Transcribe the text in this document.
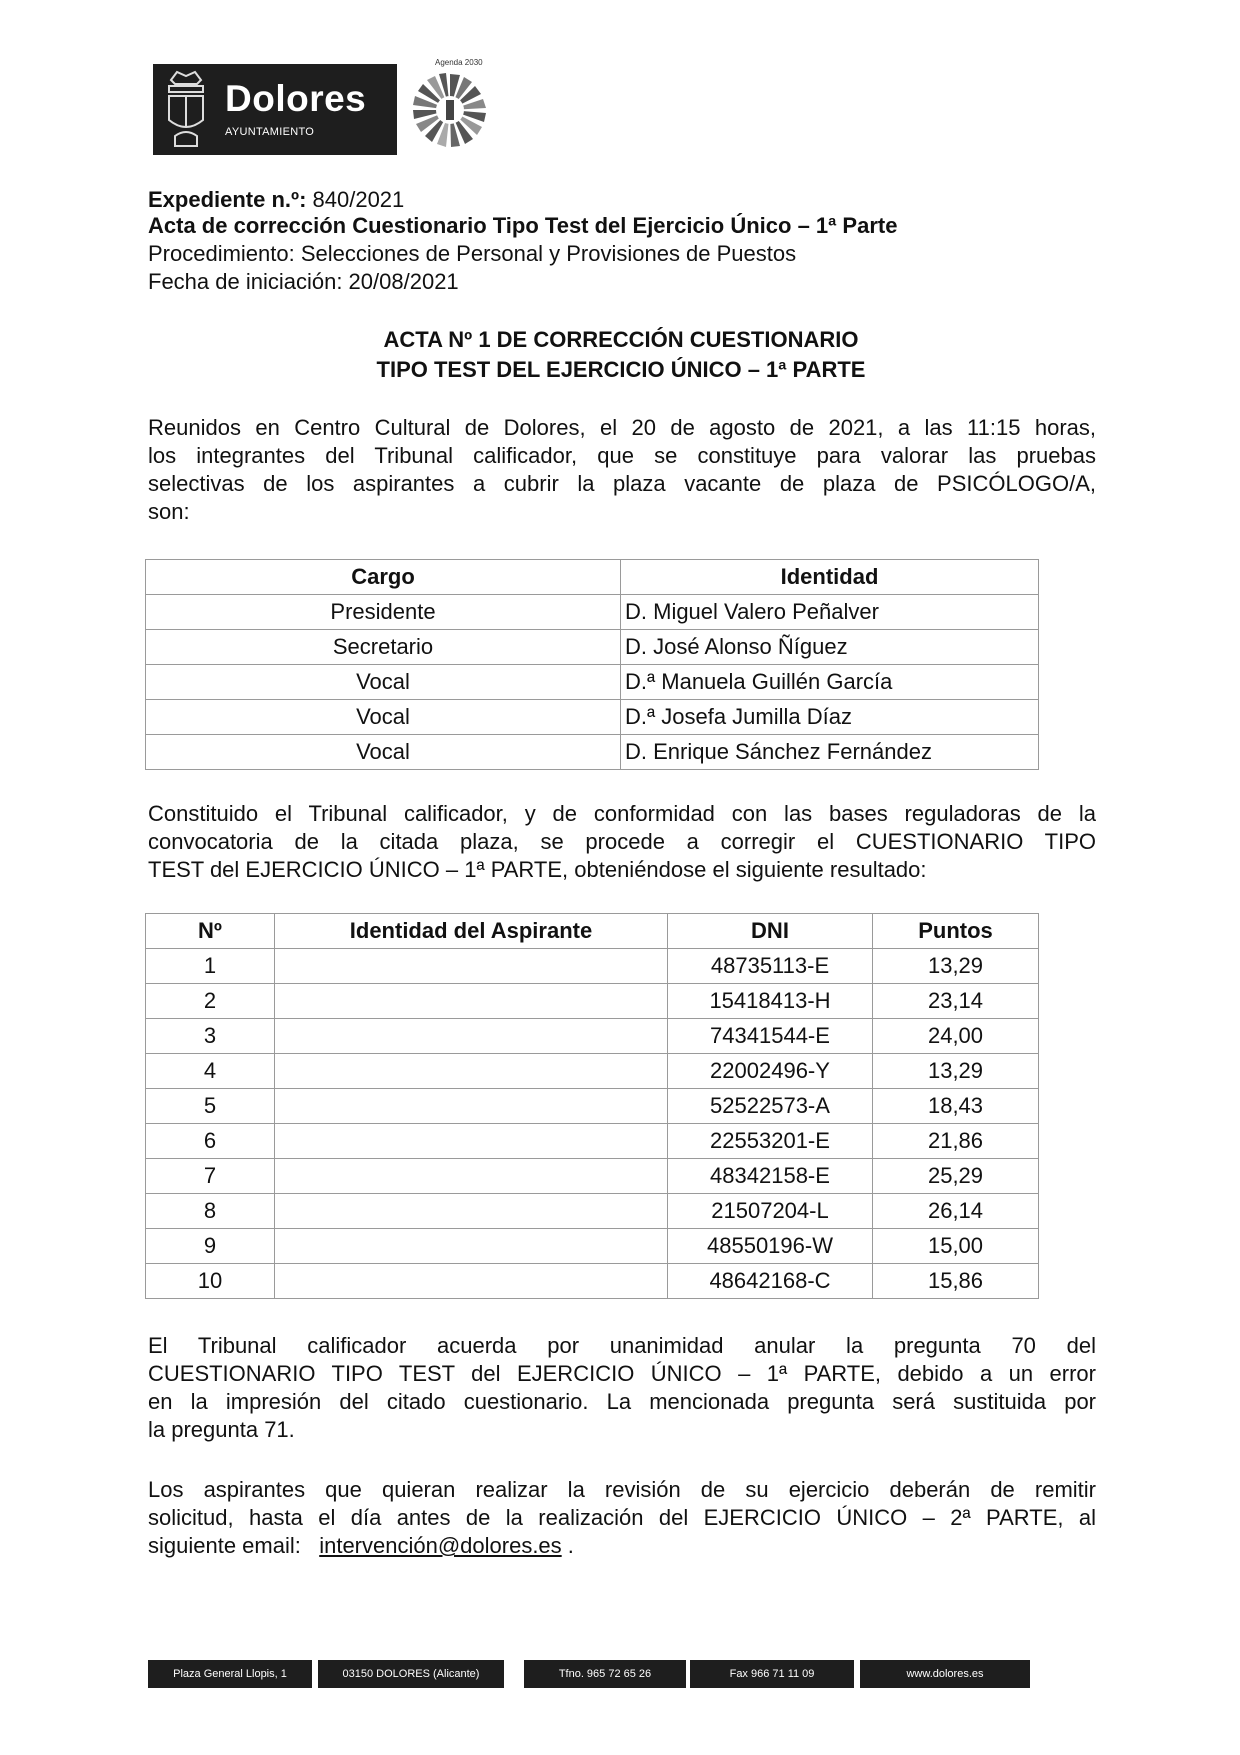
Dolores
AYUNTAMIENTO
Agenda 2030
Expediente n.º: 840/2021
Acta de corrección Cuestionario Tipo Test del Ejercicio Único – 1ª Parte
Procedimiento: Selecciones de Personal y Provisiones de Puestos
Fecha de iniciación: 20/08/2021
ACTA Nº 1 DE CORRECCIÓN CUESTIONARIO
TIPO TEST DEL EJERCICIO ÚNICO – 1ª PARTE
Reunidos en Centro Cultural de Dolores, el 20 de agosto de 2021, a las 11:15 horas,
los integrantes del Tribunal calificador, que se constituye para valorar las pruebas
selectivas de los aspirantes a cubrir la plaza vacante de plaza de PSICÓLOGO/A,
son:
Cargo	Identidad
Presidente	D. Miguel Valero Peñalver
Secretario	D. José Alonso Ñíguez
Vocal	D.ª Manuela Guillén García
Vocal	D.ª Josefa Jumilla Díaz
Vocal	D. Enrique Sánchez Fernández
Constituido el Tribunal calificador, y de conformidad con las bases reguladoras de la
convocatoria de la citada plaza, se procede a corregir el CUESTIONARIO TIPO
TEST del EJERCICIO ÚNICO – 1ª PARTE, obteniéndose el siguiente resultado:
Nº	Identidad del Aspirante	DNI	Puntos
1		48735113-E	13,29
2		15418413-H	23,14
3		74341544-E	24,00
4		22002496-Y	13,29
5		52522573-A	18,43
6		22553201-E	21,86
7		48342158-E	25,29
8		21507204-L	26,14
9		48550196-W	15,00
10		48642168-C	15,86
El Tribunal calificador acuerda por unanimidad anular la pregunta 70 del
CUESTIONARIO TIPO TEST del EJERCICIO ÚNICO – 1ª PARTE, debido a un error
en la impresión del citado cuestionario. La mencionada pregunta será sustituida por
la pregunta 71.
Los aspirantes que quieran realizar la revisión de su ejercicio deberán de remitir
solicitud, hasta el día antes de la realización del EJERCICIO ÚNICO – 2ª PARTE, al
siguiente email:   intervención@dolores.es .
Plaza General Llopis, 1	03150 DOLORES (Alicante)	Tfno. 965 72 65 26	Fax 966 71 11 09	www.dolores.es
